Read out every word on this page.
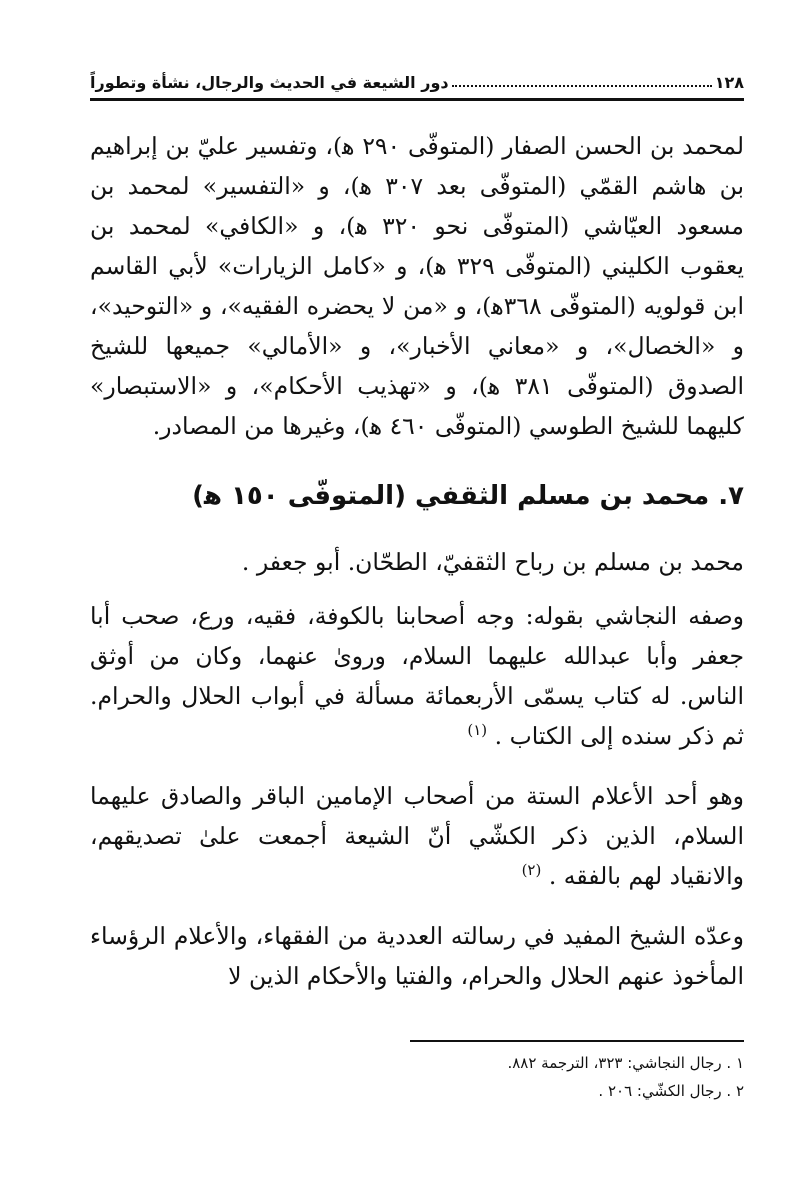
١٢٨
دور الشيعة في الحديث والرجال، نشأة وتطوراً

لمحمد بن الحسن الصفار (المتوفّى ٢٩٠ ﻫ)، وتفسير عليّ بن إبراهيم بن هاشم القمّي (المتوفّى بعد ٣٠٧ ﻫ)، و «التفسير» لمحمد بن مسعود العيّاشي (المتوفّى نحو ٣٢٠ ﻫ)، و «الكافي» لمحمد بن يعقوب الكليني (المتوفّى ٣٢٩ ﻫ)، و «كامل الزيارات» لأبي القاسم ابن قولويه (المتوفّى ٣٦٨ﻫ)، و «من لا يحضره الفقيه»، و «التوحيد»، و «الخصال»، و «معاني الأخبار»، و «الأمالي» جميعها للشيخ الصدوق (المتوفّى ٣٨١ ﻫ)، و «تهذيب الأحكام»، و «الاستبصار» كليهما للشيخ الطوسي (المتوفّى ٤٦٠ ﻫ)، وغيرها من المصادر.

٧. محمد بن مسلم الثقفي (المتوفّى ١٥٠ ﻫ)

محمد بن مسلم بن رباح الثقفيّ، الطحّان. أبو جعفر .

وصفه النجاشي بقوله: وجه أصحابنا بالكوفة، فقيه، ورع، صحب أبا جعفر وأبا عبدالله عليهما السلام، وروىٰ عنهما، وكان من أوثق الناس. له كتاب يسمّى الأربعمائة مسألة في أبواب الحلال والحرام. ثم ذكر سنده إلى الكتاب . $^{(١)}$

وهو أحد الأعلام الستة من أصحاب الإمامين الباقر والصادق عليهما السلام، الذين ذكر الكشّي أنّ الشيعة أجمعت علىٰ تصديقهم، والانقياد لهم بالفقه . $^{(٢)}$

وعدّه الشيخ المفيد في رسالته العددية من الفقهاء، والأعلام الرؤساء المأخوذ عنهم الحلال والحرام، والفتيا والأحكام الذين لا

١ . رجال النجاشي: ٣٢٣، الترجمة ٨٨٢.
٢ . رجال الكشّي: ٢٠٦ .
